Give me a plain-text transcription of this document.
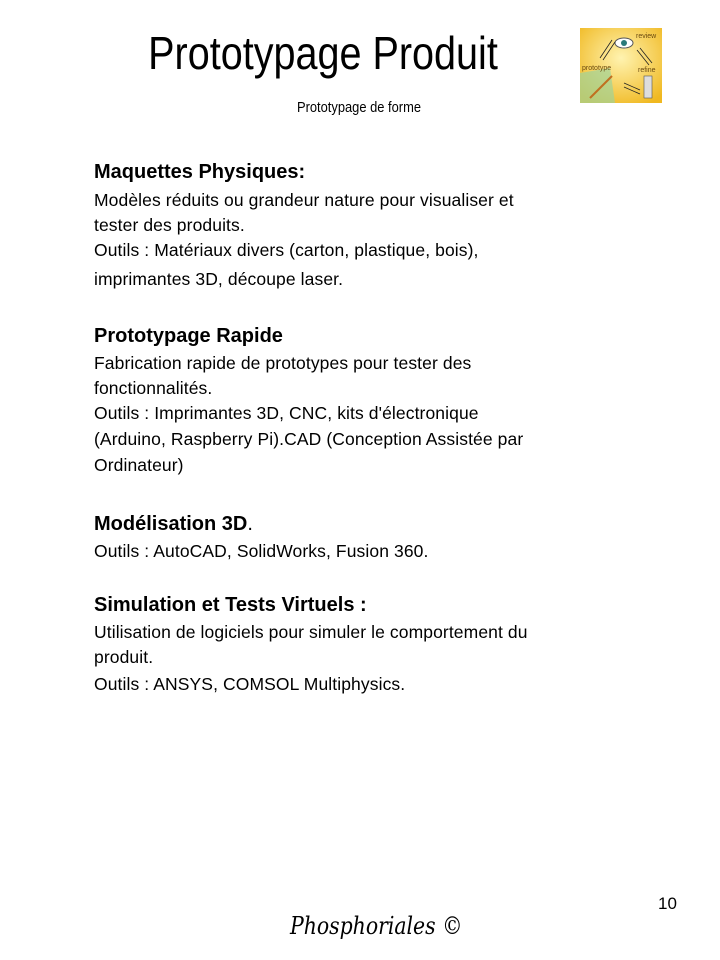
Prototypage Produit
Prototypage de forme
review
prototype	refine
Maquettes Physiques:
Modèles réduits ou grandeur nature pour visualiser et
tester des produits.
Outils : Matériaux divers (carton, plastique, bois),
imprimantes 3D, découpe laser.
Prototypage Rapide
Fabrication rapide de prototypes pour tester des
fonctionnalités.
Outils : Imprimantes 3D, CNC, kits d'électronique
(Arduino, Raspberry Pi).CAD (Conception Assistée par
Ordinateur)
Modélisation 3D.
Outils : AutoCAD, SolidWorks, Fusion 360.
Simulation et Tests Virtuels :
Utilisation de logiciels pour simuler le comportement du
produit.
Outils : ANSYS, COMSOL Multiphysics.
10
Phosphoriales ©
